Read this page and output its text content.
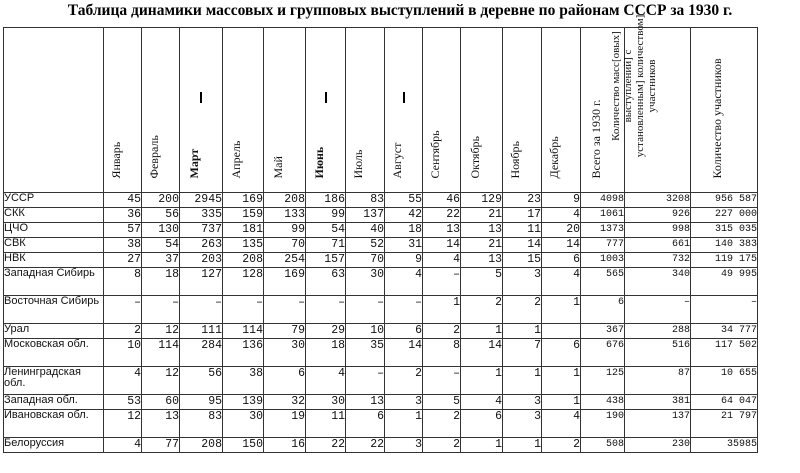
Таблица динамики массовых и групповых выступлений в деревне по районам СССР за 1930 г.

	Январь	Февраль	Март	Апрель	Май	Июнь	Июль	Август	Сентябрь	Октябрь	Ноябрь	Декабрь	Всего за 1930 г.	Количество масс[овых] выступлений] с установленным] количеством] участников	Количество участников

УССР	45	200	2945	169	208	186	83	55	46	129	23	9	4098	3208	956 587
СКК	36	56	335	159	133	99	137	42	22	21	17	4	1061	926	227 000
ЦЧО	57	130	737	181	99	54	40	18	13	13	11	20	1373	998	315 035
СВК	38	54	263	135	70	71	52	31	14	21	14	14	777	661	140 383
НВК	27	37	203	208	254	157	70	9	4	13	15	6	1003	732	119 175
Западная Сибирь	8	18	127	128	169	63	30	4	–	5	3	4	565	340	49 995
Восточная Сибирь	–	–	–	–	–	–	–	–	1	2	2	1	6	–	–
Урал	2	12	111	114	79	29	10	6	2	1	1		367	288	34 777
Московская обл.	10	114	284	136	30	18	35	14	8	14	7	6	676	516	117 502
Ленинградская обл.	4	12	56	38	6	4	–	2	–	1	1	1	125	87	10 655
Западная обл.	53	60	95	139	32	30	13	3	5	4	3	1	438	381	64 047
Ивановская обл.	12	13	83	30	19	11	6	1	2	6	3	4	190	137	21 797
Белоруссия	4	77	208	150	16	22	22	3	2	1	1	2	508	230	35985
